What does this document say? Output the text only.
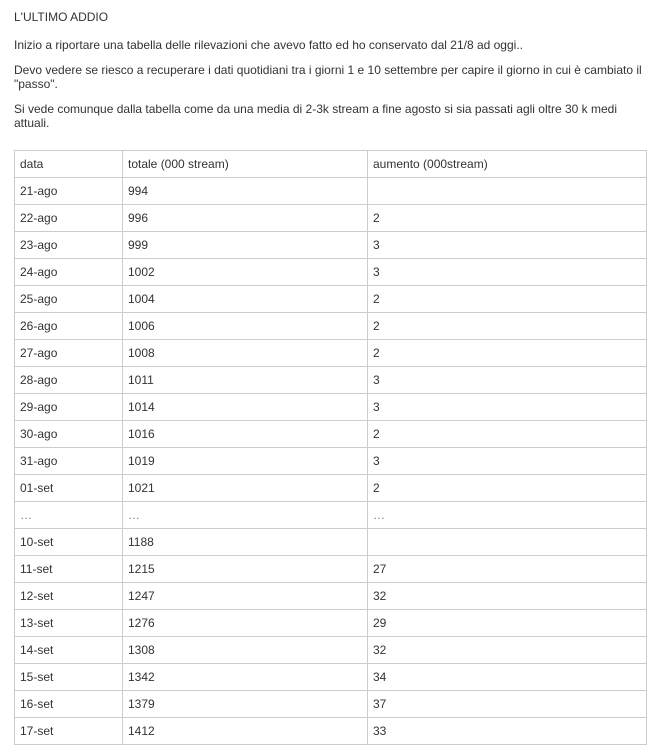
L'ULTIMO ADDIO

Inizio a riportare una tabella delle rilevazioni che avevo fatto ed ho conservato dal 21/8 ad oggi..

Devo vedere se riesco a recuperare i dati quotidiani tra i giorni 1 e 10 settembre per capire il giorno in cui è cambiato il "passo".

Si vede comunque dalla tabella come da una media di 2-3k stream a fine agosto si sia passati agli oltre 30 k medi attuali.

data	totale (000 stream)	aumento (000stream)
21-ago	994	
22-ago	996	2
23-ago	999	3
24-ago	1002	3
25-ago	1004	2
26-ago	1006	2
27-ago	1008	2
28-ago	1011	3
29-ago	1014	3
30-ago	1016	2
31-ago	1019	3
01-set	1021	2
…	…	…
10-set	1188	
11-set	1215	27
12-set	1247	32
13-set	1276	29
14-set	1308	32
15-set	1342	34
16-set	1379	37
17-set	1412	33
